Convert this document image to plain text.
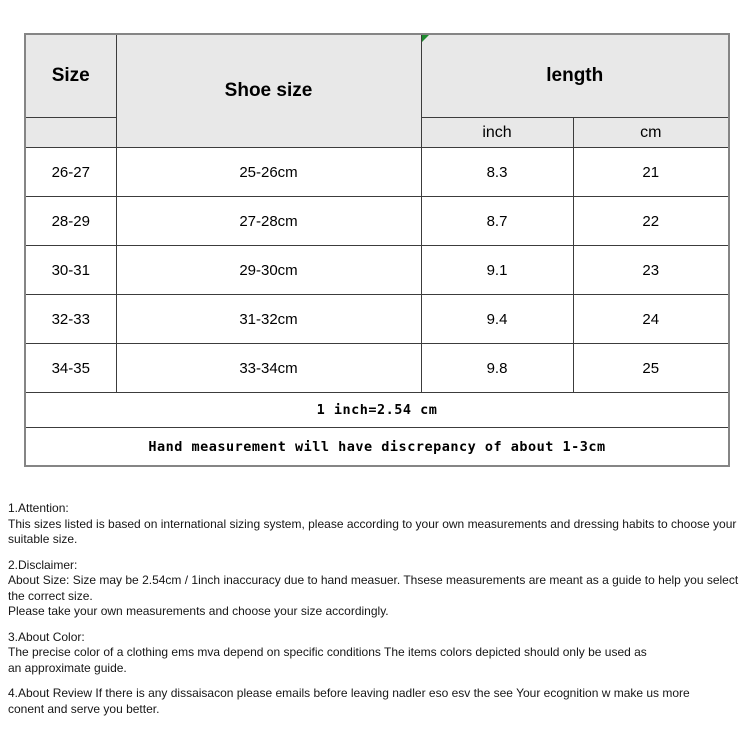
Size	Shoe size	length	
		inch	cm
26-27	25-26cm	8.3	21
28-29	27-28cm	8.7	22
30-31	29-30cm	9.1	23
32-33	31-32cm	9.4	24
34-35	33-34cm	9.8	25
1 inch=2.54 cm			
Hand measurement will have discrepancy of about 1-3cm			
1.Attention:
This sizes listed is based on international sizing system, please according to your own measurements and dressing habits to choose your suitable size.
2.Disclaimer:
About Size: Size may be 2.54cm / 1inch inaccuracy due to hand measuer. Thsese measurements are meant as a guide to help you select the correct size.
Please take your own measurements and choose your size accordingly.
3.About Color:
The precise color of a clothing ems mva depend on specific conditions The items colors depicted should only be used as
an approximate guide.
4.About Review If there is any dissaisacon please emails before leaving nadler eso esv the see Your ecognition w make us more
conent and serve you better.
